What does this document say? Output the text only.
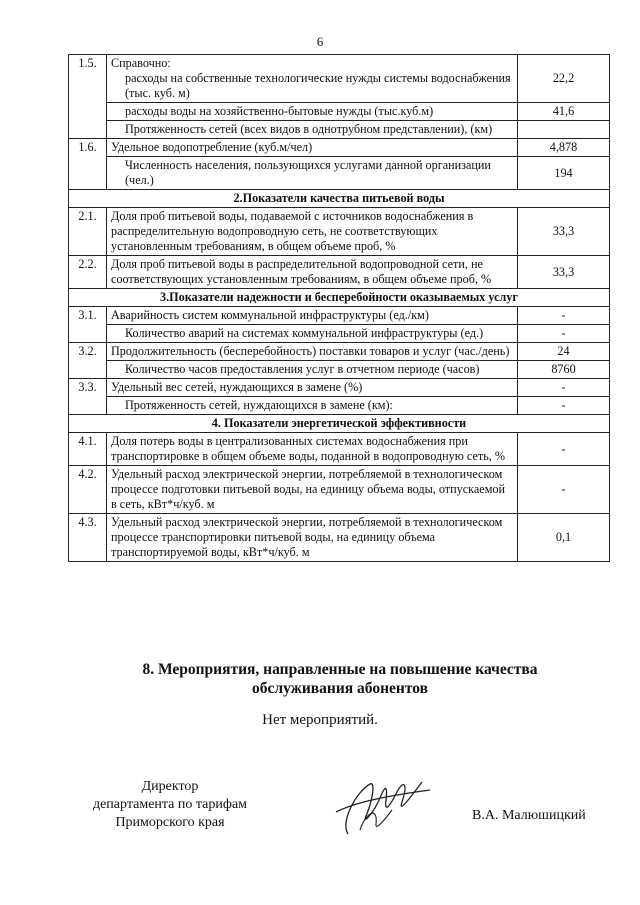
6
1.5.	Справочно:
расходы на собственные технологические нужды системы водоснабжения (тыс. куб. м)	22,2

	расходы воды на хозяйственно-бытовые нужды (тыс.куб.м)	41,6

	Протяженность сетей (всех видов в однотрубном представлении), (км)	

1.6.	Удельное водопотребление (куб.м/чел)	4,878

	Численность населения, пользующихся услугами данной организации (чел.)	194
2.Показатели качества питьевой воды		
2.1.	Доля проб питьевой воды, подаваемой с источников водоснабжения в распределительную водопроводную сеть, не соответствующих установленным требованиям, в общем объеме проб, %	33,3
2.2.	Доля проб питьевой воды в распределительной водопроводной сети, не соответствующих установленным требованиям, в общем объеме проб, %	33,3
3.Показатели надежности и бесперебойности оказываемых услуг		
3.1.	Аварийность систем коммунальной инфраструктуры (ед./км)	-

	Количество аварий на системах коммунальной инфраструктуры (ед.)	-
3.2.	Продолжительность (бесперебойность) поставки товаров и услуг (час./день)	24

	Количество часов предоставления услуг в отчетном периоде (часов)	8760
3.3.	Удельный вес сетей, нуждающихся в замене (%)	-

	Протяженность сетей, нуждающихся в замене (км):	-
4. Показатели энергетической эффективности		
4.1.	Доля потерь воды в централизованных системах водоснабжения при транспортировке в общем объеме воды, поданной в водопроводную сеть, %	-
4.2.	Удельный расход электрической энергии, потребляемой в технологическом процессе подготовки питьевой воды, на единицу объема воды, отпускаемой в сеть, кВт*ч/куб. м	-
4.3.	Удельный расход электрической энергии, потребляемой в технологическом процессе транспортировки питьевой воды, на единицу объема транспортируемой воды, кВт*ч/куб. м	0,1
8. Мероприятия, направленные на повышение качества
обслуживания абонентов
Нет мероприятий.
Директор
департамента по тарифам
Приморского края	В.А. Малюшицкий
